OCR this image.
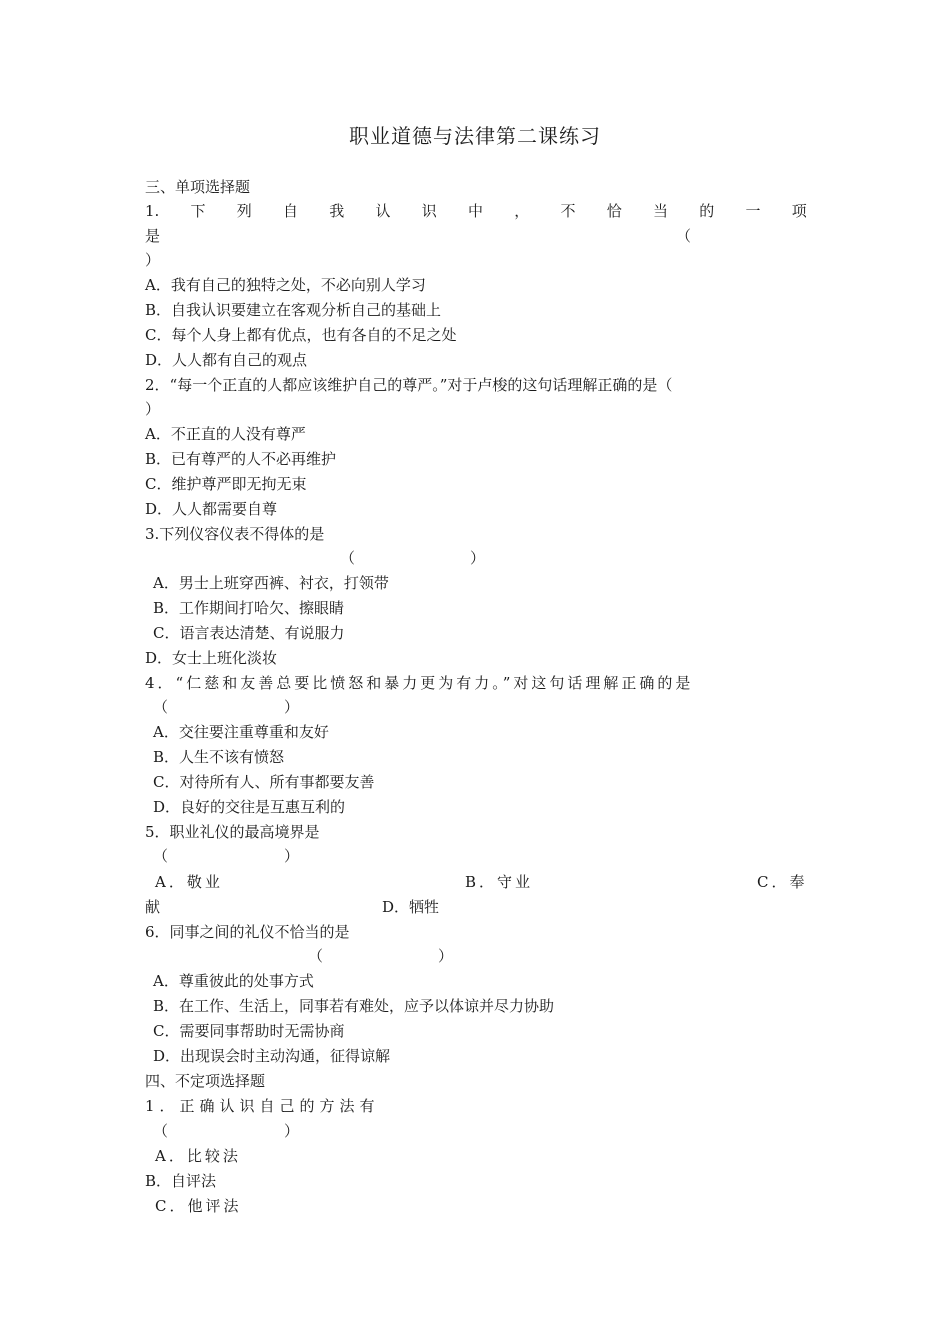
职业道德与法律第二课练习
三、单项选择题
1. 下 列 自 我 认 识 中 ， 不 恰 当 的 一 项
是	（
）
A．我有自己的独特之处，不必向别人学习
B．自我认识要建立在客观分析自己的基础上
C．每个人身上都有优点，也有各自的不足之处
D．人人都有自己的观点
2．“每一个正直的人都应该维护自己的尊严。”对于卢梭的这句话理解正确的是（
）
A．不正直的人没有尊严
B．已有尊严的人不必再维护
C．维护尊严即无拘无束
D．人人都需要自尊
3.下列仪容仪表不得体的是
（	）
A．男士上班穿西裤、衬衣，打领带
B．工作期间打哈欠、擦眼睛
C．语言表达清楚、有说服力
D．女士上班化淡妆
4．“仁慈和友善总要比愤怒和暴力更为有力。”对这句话理解正确的是
（	）
A．交往要注重尊重和友好
B．人生不该有愤怒
C．对待所有人、所有事都要友善
D．良好的交往是互惠互利的
5．职业礼仪的最高境界是
（	）
A．敬业	B．守业	C．奉
献	D．牺牲
6．同事之间的礼仪不恰当的是
（	）
A．尊重彼此的处事方式
B．在工作、生活上，同事若有难处，应予以体谅并尽力协助
C．需要同事帮助时无需协商
D．出现误会时主动沟通，征得谅解
四、不定项选择题
1．正确认识自己的方法有
（	）
A．比较法
B．自评法
C．他评法
